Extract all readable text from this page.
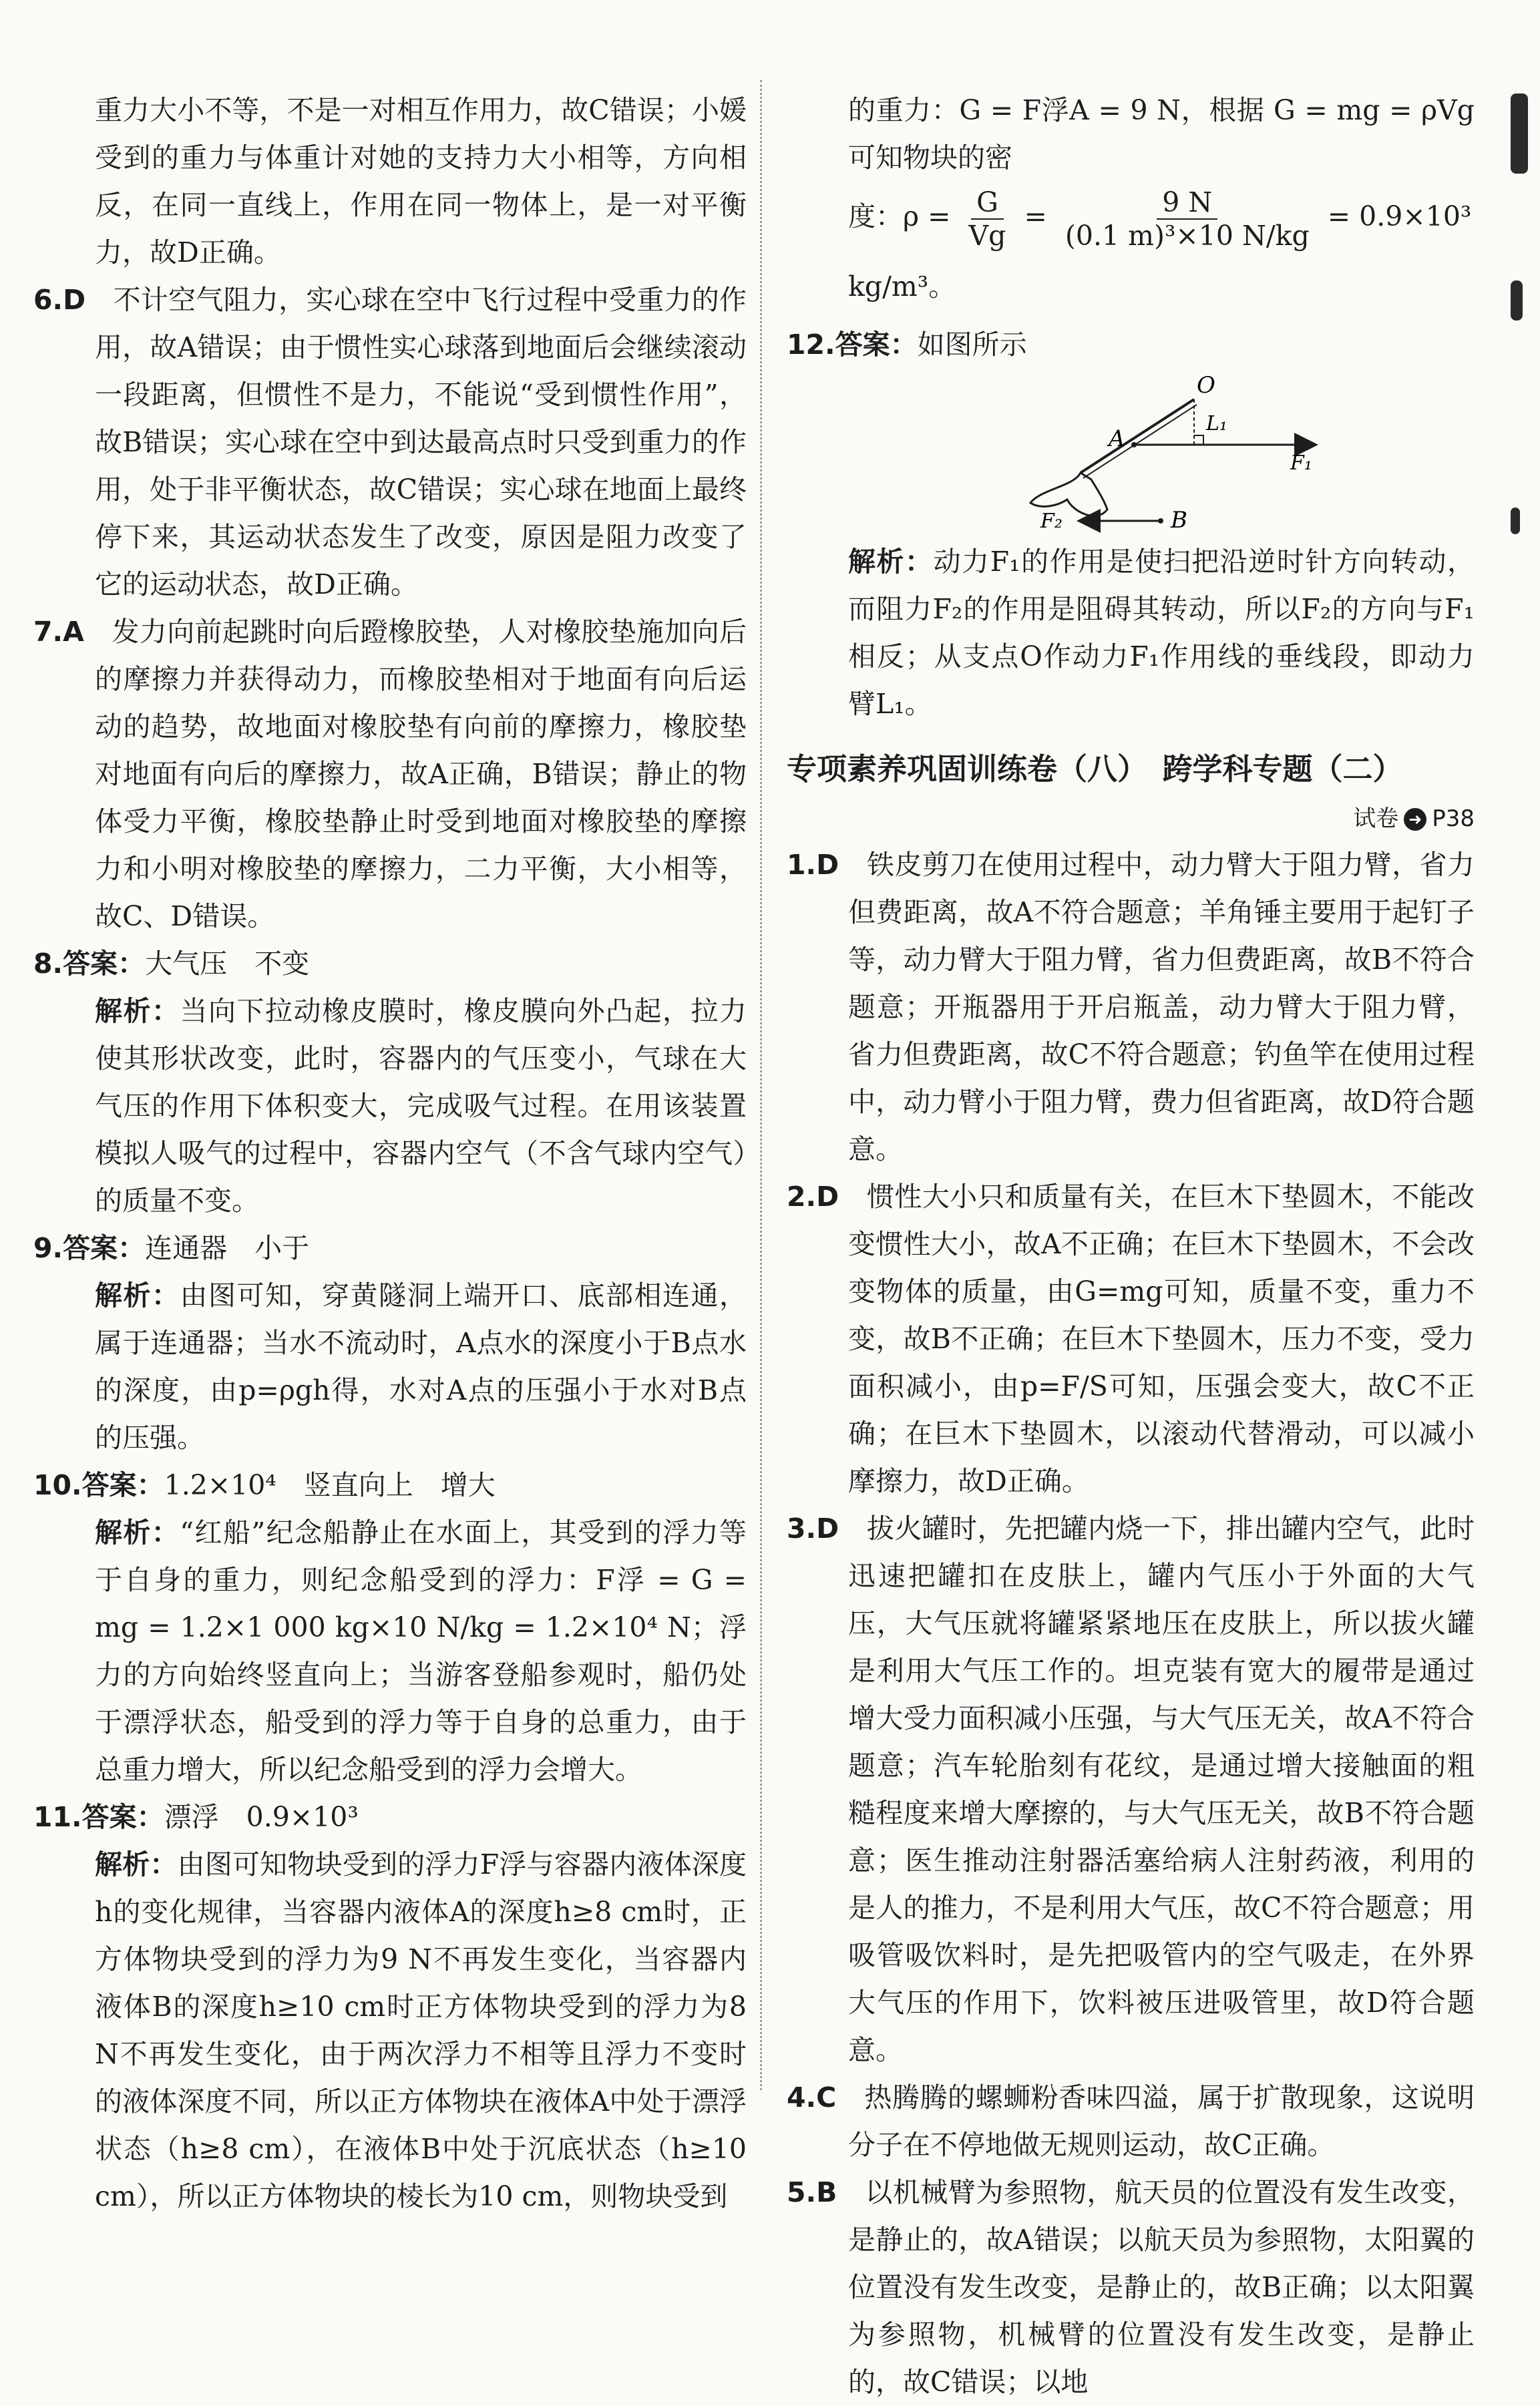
重力大小不等，不是一对相互作用力，故C错误；小媛受到的重力与体重计对她的支持力大小相等，方向相反，在同一直线上，作用在同一物体上，是一对平衡力，故D正确。

6.D　 不计空气阻力，实心球在空中飞行过程中受重力的作用，故A错误；由于惯性实心球落到地面后会继续滚动一段距离，但惯性不是力，不能说“受到惯性作用”，故B错误；实心球在空中到达最高点时只受到重力的作用，处于非平衡状态，故C错误；实心球在地面上最终停下来，其运动状态发生了改变，原因是阻力改变了它的运动状态，故D正确。

7.A　 发力向前起跳时向后蹬橡胶垫，人对橡胶垫施加向后的摩擦力并获得动力，而橡胶垫相对于地面有向后运动的趋势，故地面对橡胶垫有向前的摩擦力，橡胶垫对地面有向后的摩擦力，故A正确，B错误；静止的物体受力平衡，橡胶垫静止时受到地面对橡胶垫的摩擦力和小明对橡胶垫的摩擦力，二力平衡，大小相等，故C、D错误。

8.答案：大气压　不变

解析：当向下拉动橡皮膜时，橡皮膜向外凸起，拉力使其形状改变，此时，容器内的气压变小，气球在大气压的作用下体积变大，完成吸气过程。在用该装置模拟人吸气的过程中，容器内空气（不含气球内空气）的质量不变。

9.答案：连通器　小于

解析：由图可知，穿黄隧洞上端开口、底部相连通，属于连通器；当水不流动时，A点水的深度小于B点水的深度，由p=ρgh得，水对A点的压强小于水对B点的压强。

10.答案：1.2×10⁴　竖直向上　增大

解析：“红船”纪念船静止在水面上，其受到的浮力等于自身的重力，则纪念船受到的浮力：F浮 = G = mg = 1.2×1 000 kg×10 N/kg = 1.2×10⁴ N；浮力的方向始终竖直向上；当游客登船参观时，船仍处于漂浮状态，船受到的浮力等于自身的总重力，由于总重力增大，所以纪念船受到的浮力会增大。

11.答案：漂浮　0.9×10³

解析：由图可知物块受到的浮力F浮与容器内液体深度h的变化规律，当容器内液体A的深度h≥8 cm时，正方体物块受到的浮力为9 N不再发生变化，当容器内液体B的深度h≥10 cm时正方体物块受到的浮力为8 N不再发生变化，由于两次浮力不相等且浮力不变时的液体深度不同，所以正方体物块在液体A中处于漂浮状态（h≥8 cm），在液体B中处于沉底状态（h≥10 cm），所以正方体物块的棱长为10 cm，则物块受到

的重力：G = F浮A = 9 N，根据 G = mg = ρVg 可知物块的密

度：$\rho = \frac{G}{Vg} = \frac{9 N}{\text{(0.1 m)³×10 N/kg}} = 0.9\times 10^3$ kg/m³。

12.答案：如图所示

O
A
L₁
F₁
F₂	B

解析：动力F₁的作用是使扫把沿逆时针方向转动，而阻力F₂的作用是阻碍其转动，所以F₂的方向与F₁相反；从支点O作动力F₁作用线的垂线段，即动力臂L₁。

专项素养巩固训练卷（八）　跨学科专题（二）

试卷 ➜ P38

1.D　 铁皮剪刀在使用过程中，动力臂大于阻力臂，省力但费距离，故A不符合题意；羊角锤主要用于起钉子等，动力臂大于阻力臂，省力但费距离，故B不符合题意；开瓶器用于开启瓶盖，动力臂大于阻力臂，省力但费距离，故C不符合题意；钓鱼竿在使用过程中，动力臂小于阻力臂，费力但省距离，故D符合题意。

2.D　 惯性大小只和质量有关，在巨木下垫圆木，不能改变惯性大小，故A不正确；在巨木下垫圆木，不会改变物体的质量，由G=mg可知，质量不变，重力不变，故B不正确；在巨木下垫圆木，压力不变，受力面积减小，由p=F/S可知，压强会变大，故C不正确；在巨木下垫圆木，以滚动代替滑动，可以减小摩擦力，故D正确。

3.D　 拔火罐时，先把罐内烧一下，排出罐内空气，此时迅速把罐扣在皮肤上，罐内气压小于外面的大气压，大气压就将罐紧紧地压在皮肤上，所以拔火罐是利用大气压工作的。坦克装有宽大的履带是通过增大受力面积减小压强，与大气压无关，故A不符合题意；汽车轮胎刻有花纹，是通过增大接触面的粗糙程度来增大摩擦的，与大气压无关，故B不符合题意；医生推动注射器活塞给病人注射药液，利用的是人的推力，不是利用大气压，故C不符合题意；用吸管吸饮料时，是先把吸管内的空气吸走，在外界大气压的作用下，饮料被压进吸管里，故D符合题意。

4.C　 热腾腾的螺蛳粉香味四溢，属于扩散现象，这说明分子在不停地做无规则运动，故C正确。

5.B　 以机械臂为参照物，航天员的位置没有发生改变，是静止的，故A错误；以航天员为参照物，太阳翼的位置没有发生改变，是静止的，故B正确；以太阳翼为参照物，机械臂的位置没有发生改变，是静止的，故C错误；以地
